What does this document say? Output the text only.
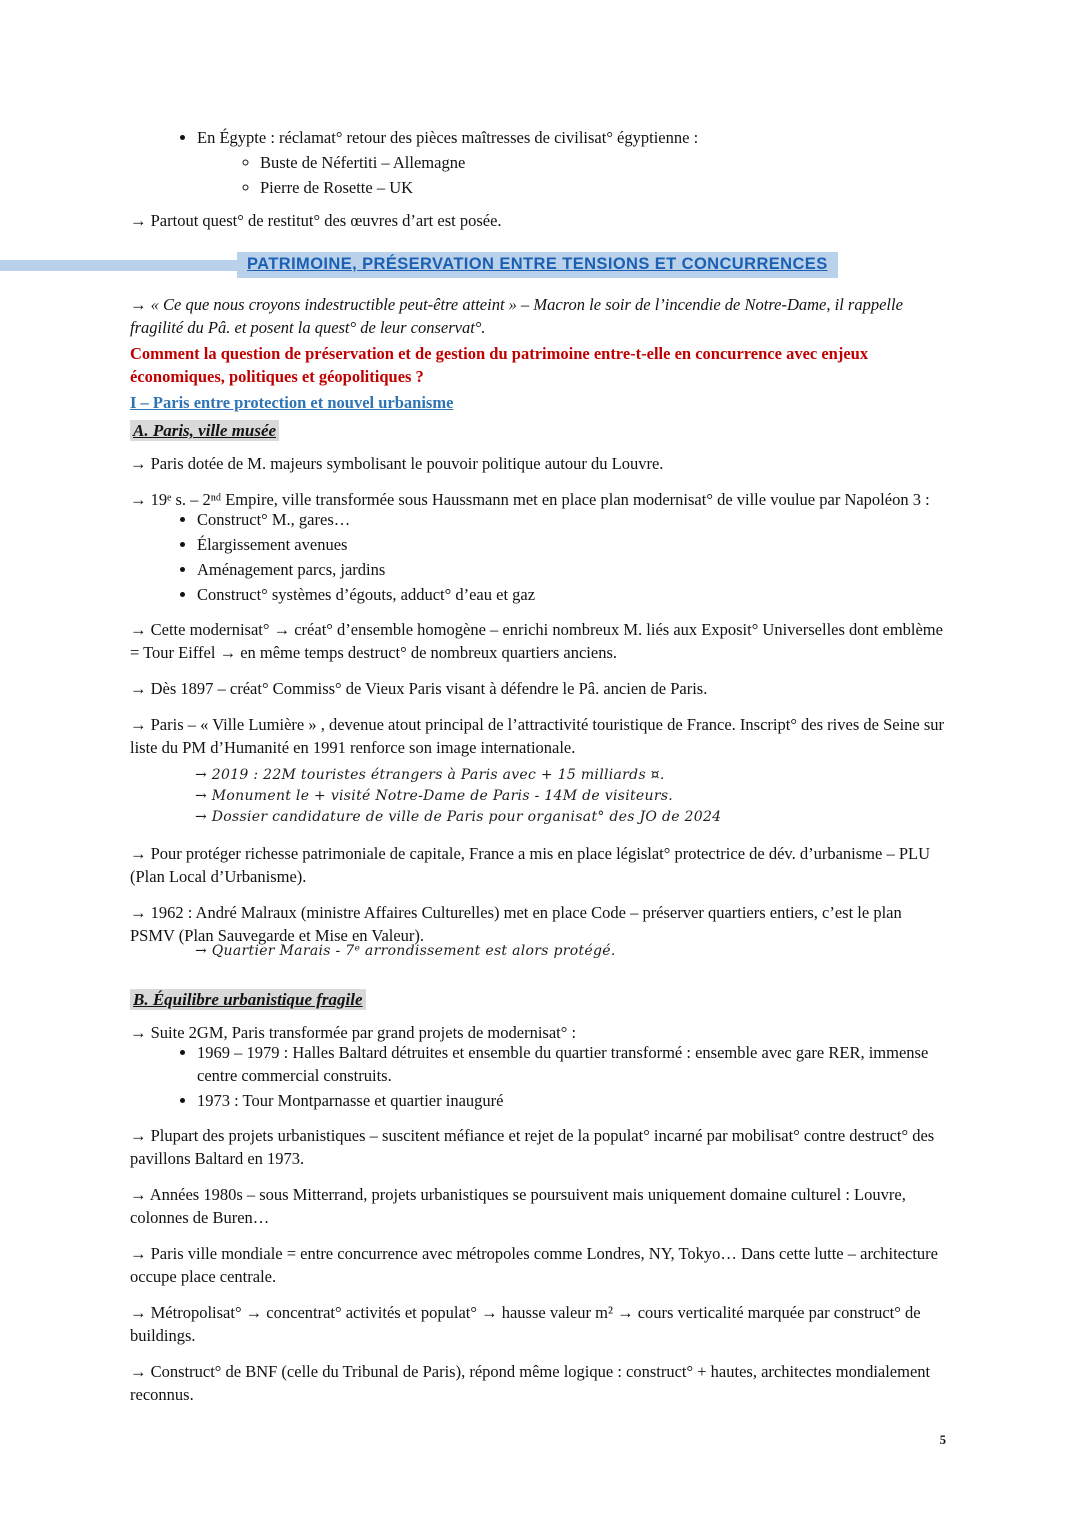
• En Égypte : réclamat° retour des pièces maîtresses de civilisat° égyptienne :
◦ Buste de Néfertiti – Allemagne
◦ Pierre de Rosette – UK

→ Partout quest° de restitut° des œuvres d’art est posée.

PATRIMOINE, PRÉSERVATION ENTRE TENSIONS ET CONCURRENCES

→ « Ce que nous croyons indestructible peut-être atteint » – Macron le soir de l’incendie de Notre-Dame, il rappelle fragilité du Pâ. et posent la quest° de leur conservat°.

Comment la question de préservation et de gestion du patrimoine entre-t-elle en concurrence avec enjeux économiques, politiques et géopolitiques ?

I – Paris entre protection et nouvel urbanisme

A. Paris, ville musée

→ Paris dotée de M. majeurs symbolisant le pouvoir politique autour du Louvre.

→ 19ᵉ s. – 2ⁿᵈ Empire, ville transformée sous Haussmann met en place plan modernisat° de ville voulue par Napoléon 3 :

• Construct° M., gares…
• Élargissement avenues
• Aménagement parcs, jardins
• Construct° systèmes d’égouts, adduct° d’eau et gaz

→ Cette modernisat° → créat° d’ensemble homogène – enrichi nombreux M. liés aux Exposit° Universelles dont emblème = Tour Eiffel → en même temps destruct° de nombreux quartiers anciens.

→ Dès 1897 – créat° Commiss° de Vieux Paris visant à défendre le Pâ. ancien de Paris.

→ Paris – « Ville Lumière » , devenue atout principal de l’attractivité touristique de France. Inscript° des rives de Seine sur liste du PM d’Humanité en 1991 renforce son image internationale.

→ 2019 : 22M touristes étrangers à Paris avec + 15 milliards ¤.

→ Monument le + visité Notre-Dame de Paris - 14M de visiteurs.

→ Dossier candidature de ville de Paris pour organisat° des JO de 2024

→ Pour protéger richesse patrimoniale de capitale, France a mis en place législat° protectrice de dév. d’urbanisme – PLU (Plan Local d’Urbanisme).

→ 1962 : André Malraux (ministre Affaires Culturelles) met en place Code – préserver quartiers entiers, c’est le plan PSMV (Plan Sauvegarde et Mise en Valeur).

→ Quartier Marais - 7ᵉ arrondissement est alors protégé.

B. Équilibre urbanistique fragile

→ Suite 2GM, Paris transformée par grand projets de modernisat° :

• 1969 – 1979 : Halles Baltard détruites et ensemble du quartier transformé : ensemble avec gare RER, immense centre commercial construits.
• 1973 : Tour Montparnasse et quartier inauguré

→ Plupart des projets urbanistiques – suscitent méfiance et rejet de la populat° incarné par mobilisat° contre destruct° des pavillons Baltard en 1973.

→ Années 1980s – sous Mitterrand, projets urbanistiques se poursuivent mais uniquement domaine culturel : Louvre, colonnes de Buren…

→ Paris ville mondiale = entre concurrence avec métropoles comme Londres, NY, Tokyo… Dans cette lutte – architecture occupe place centrale.

→ Métropolisat° → concentrat° activités et populat° → hausse valeur m² → cours verticalité marquée par construct° de buildings.

→ Construct° de BNF (celle du Tribunal de Paris), répond même logique : construct° + hautes, architectes mondialement reconnus.

5
